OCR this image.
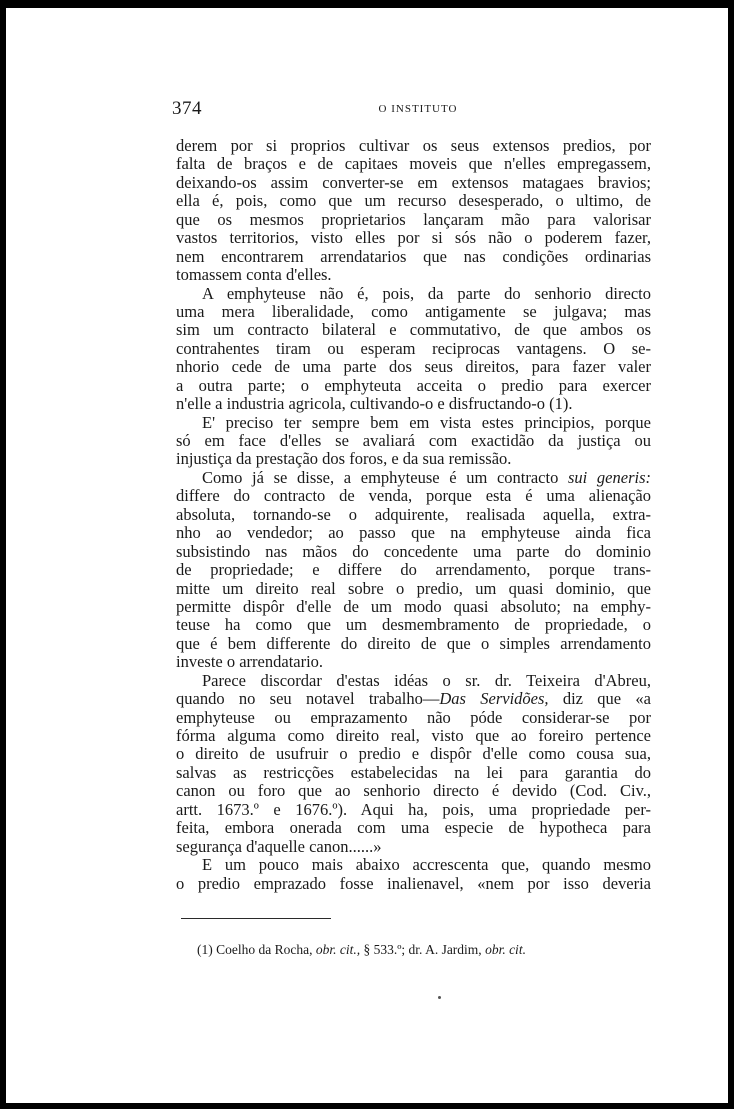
374	O INSTITUTO
derem por si proprios cultivar os seus extensos predios, por
falta de braços e de capitaes moveis que n'elles empregassem,
deixando-os assim converter-se em extensos matagaes bravios;
ella é, pois, como que um recurso desesperado, o ultimo, de
que os mesmos proprietarios lançaram mão para valorisar
vastos territorios, visto elles por si sós não o poderem fazer,
nem encontrarem arrendatarios que nas condições ordinarias
tomassem conta d'elles.
A emphyteuse não é, pois, da parte do senhorio directo
uma mera liberalidade, como antigamente se julgava; mas
sim um contracto bilateral e commutativo, de que ambos os
contrahentes tiram ou esperam reciprocas vantagens. O se-
nhorio cede de uma parte dos seus direitos, para fazer valer
a outra parte; o emphyteuta acceita o predio para exercer
n'elle a industria agricola, cultivando-o e disfructando-o (1).
E' preciso ter sempre bem em vista estes principios, porque
só em face d'elles se avaliará com exactidão da justiça ou
injustiça da prestação dos foros, e da sua remissão.
Como já se disse, a emphyteuse é um contracto sui generis:
differe do contracto de venda, porque esta é uma alienação
absoluta, tornando-se o adquirente, realisada aquella, extra-
nho ao vendedor; ao passo que na emphyteuse ainda fica
subsistindo nas mãos do concedente uma parte do dominio
de propriedade; e differe do arrendamento, porque trans-
mitte um direito real sobre o predio, um quasi dominio, que
permitte dispôr d'elle de um modo quasi absoluto; na emphy-
teuse ha como que um desmembramento de propriedade, o
que é bem differente do direito de que o simples arrendamento
investe o arrendatario.
Parece discordar d'estas idéas o sr. dr. Teixeira d'Abreu,
quando no seu notavel trabalho—Das Servidões, diz que «a
emphyteuse ou emprazamento não póde considerar-se por
fórma alguma como direito real, visto que ao foreiro pertence
o direito de usufruir o predio e dispôr d'elle como cousa sua,
salvas as restricções estabelecidas na lei para garantia do
canon ou foro que ao senhorio directo é devido (Cod. Civ.,
artt. 1673.º e 1676.º). Aqui ha, pois, uma propriedade per-
feita, embora onerada com uma especie de hypotheca para
segurança d'aquelle canon......»
E um pouco mais abaixo accrescenta que, quando mesmo
o predio emprazado fosse inalienavel, «nem por isso deveria
(1) Coelho da Rocha, obr. cit., § 533.º; dr. A. Jardim, obr. cit.
